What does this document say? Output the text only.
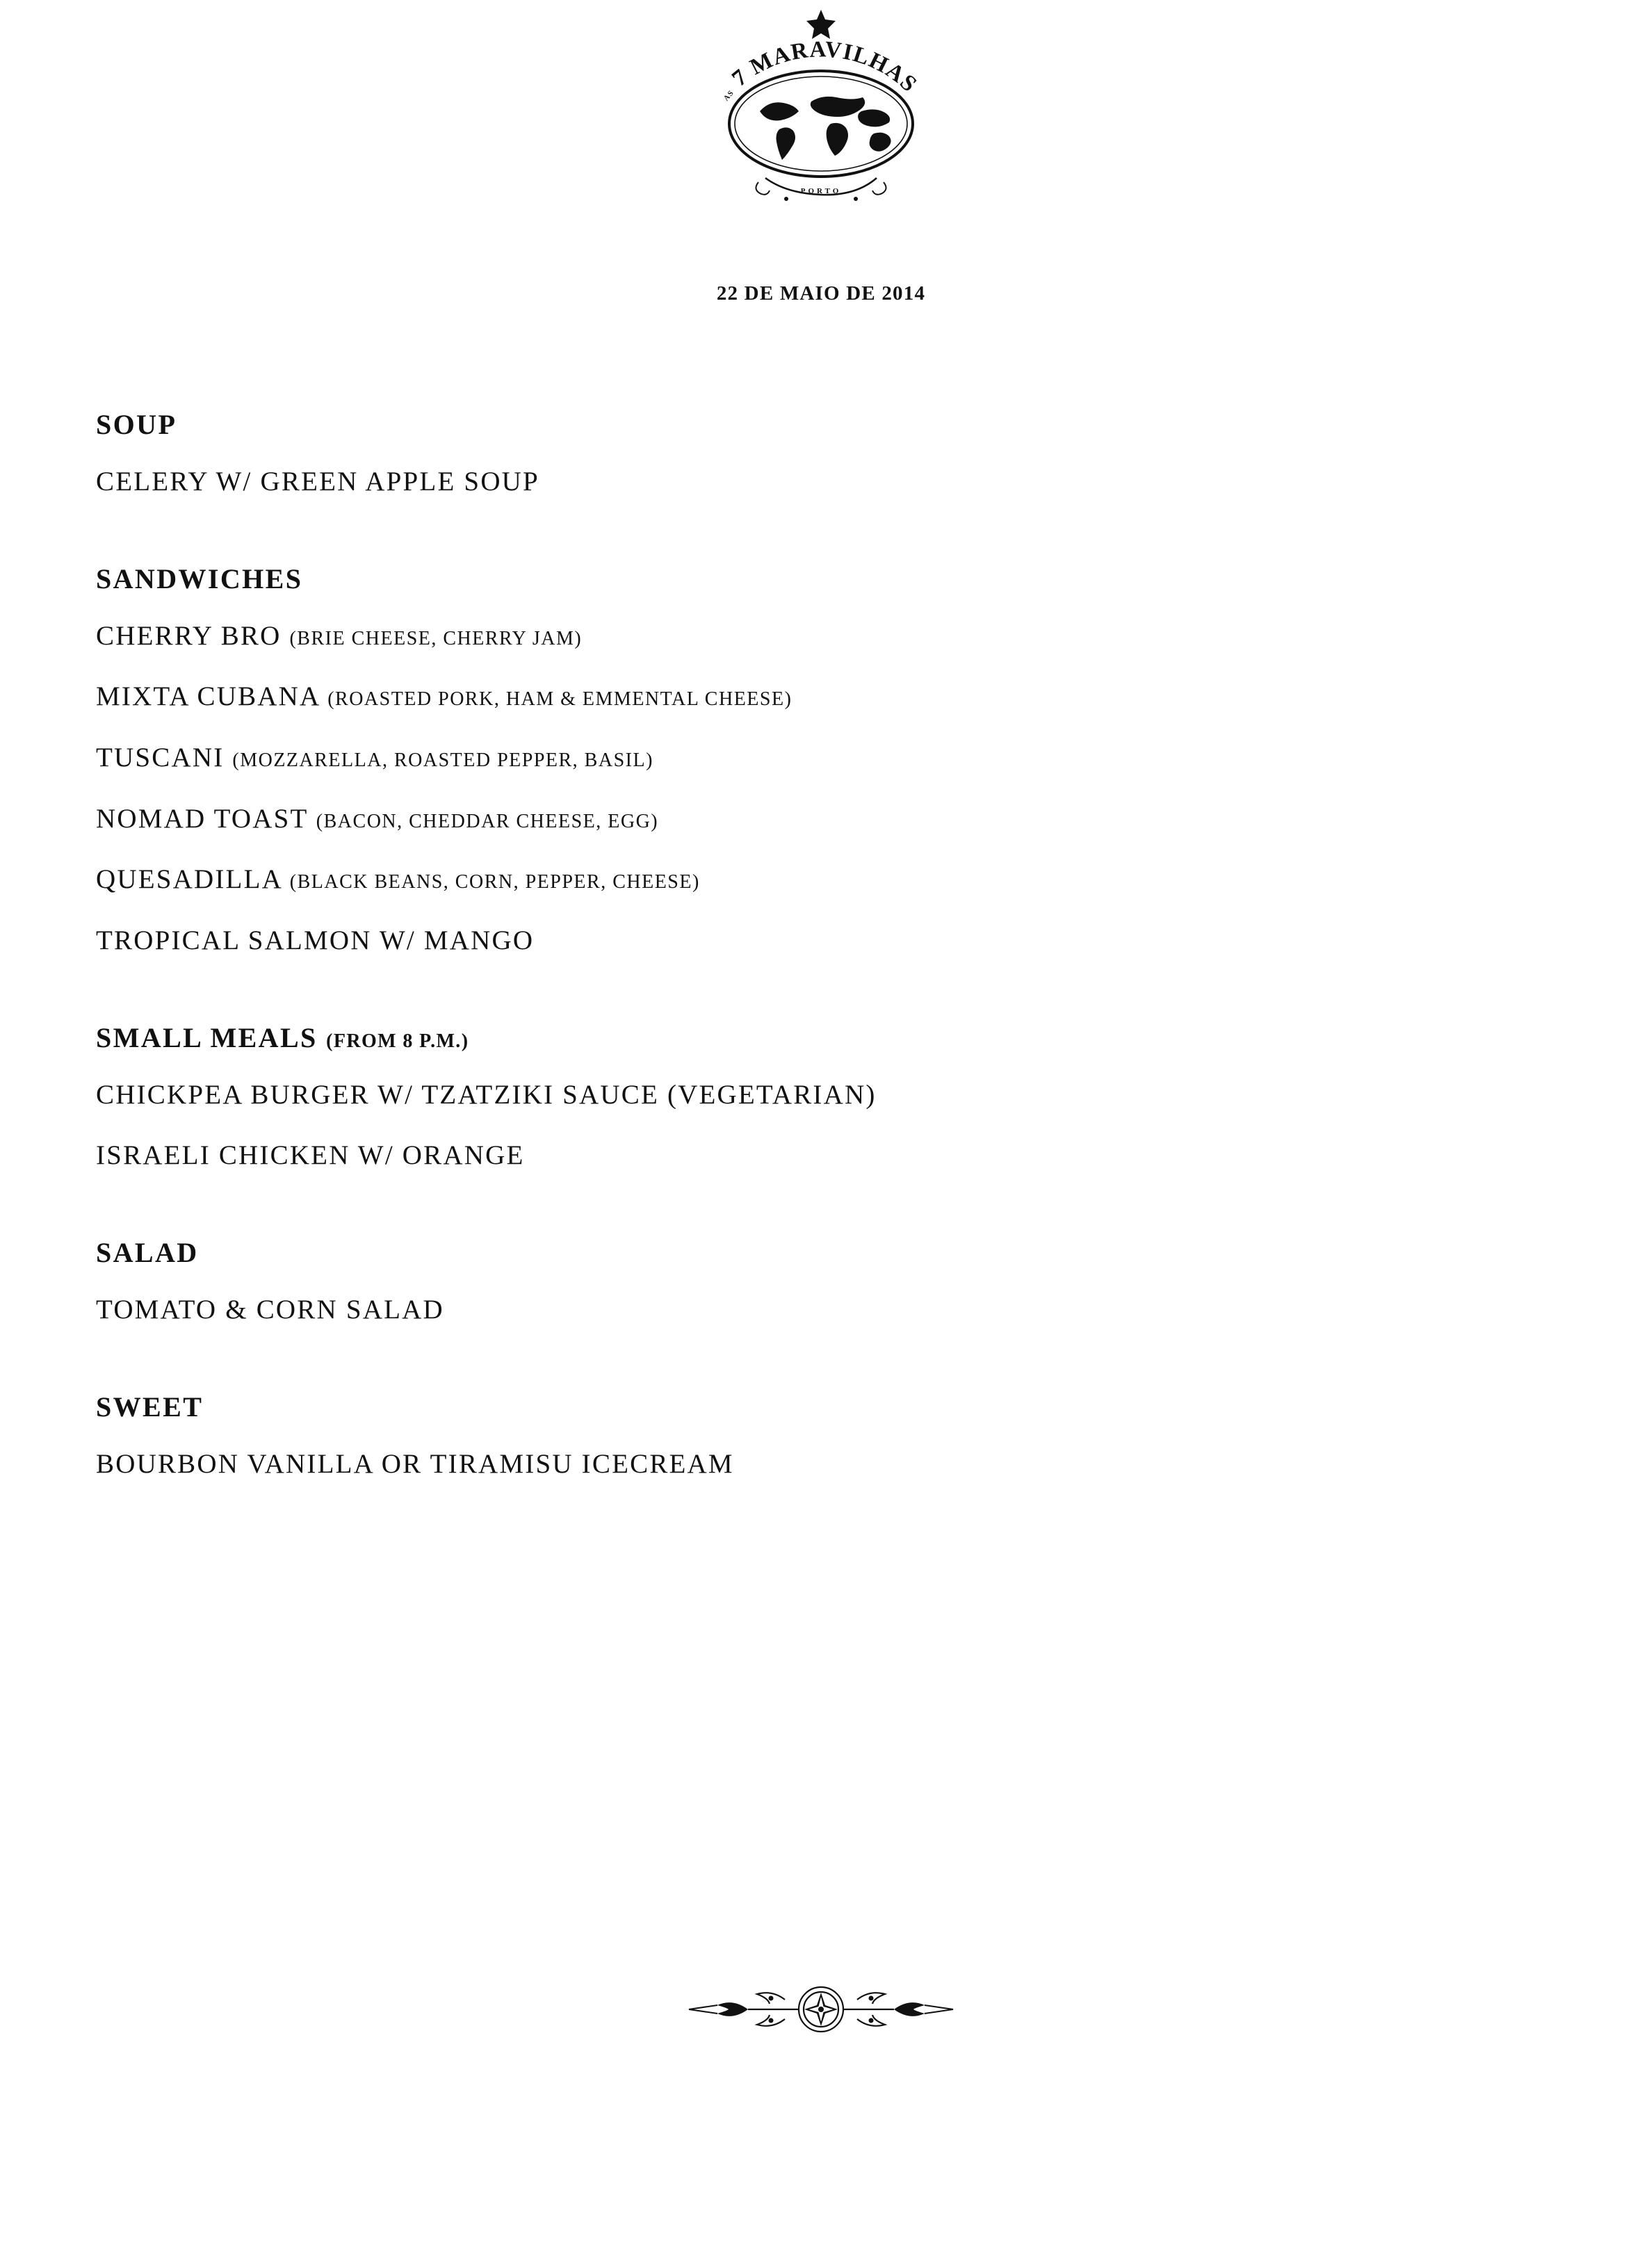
AS
7 MARAVILHAS
PORTO
22 DE MAIO DE 2014
SOUP

CELERY W/ GREEN APPLE SOUP

SANDWICHES

CHERRY BRO (BRIE CHEESE, CHERRY JAM)

MIXTA CUBANA (ROASTED PORK, HAM & EMMENTAL CHEESE)

TUSCANI (MOZZARELLA, ROASTED PEPPER, BASIL)

NOMAD TOAST (BACON, CHEDDAR CHEESE, EGG)

QUESADILLA (BLACK BEANS, CORN, PEPPER, CHEESE)

TROPICAL SALMON W/ MANGO

SMALL MEALS (FROM 8 P.M.)

CHICKPEA BURGER W/ TZATZIKI SAUCE (VEGETARIAN)

ISRAELI CHICKEN W/ ORANGE

SALAD

TOMATO & CORN SALAD

SWEET

BOURBON VANILLA OR TIRAMISU ICECREAM
